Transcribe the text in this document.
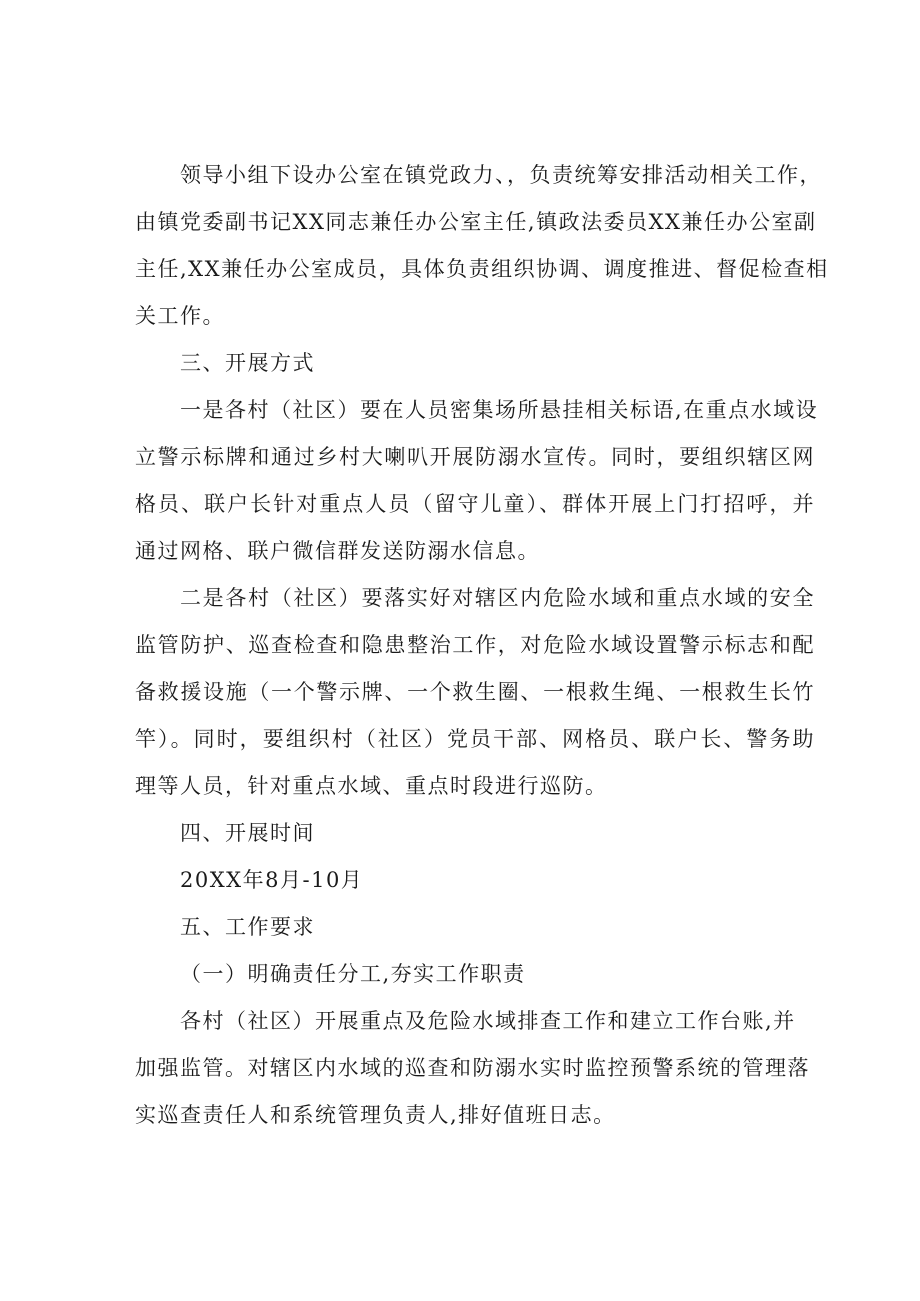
领导小组下设办公室在镇党政力、，负责统筹安排活动相关工作，
由镇党委副书记XX同志兼任办公室主任,镇政法委员XX兼任办公室副
主任,XX兼任办公室成员，具体负责组织协调、调度推进、督促检查相
关工作。
三、开展方式
一是各村（社区）要在人员密集场所悬挂相关标语,在重点水域设
立警示标牌和通过乡村大喇叭开展防溺水宣传。同时，要组织辖区网
格员、联户长针对重点人员（留守儿童）、群体开展上门打招呼，并
通过网格、联户微信群发送防溺水信息。
二是各村（社区）要落实好对辖区内危险水域和重点水域的安全
监管防护、巡查检查和隐患整治工作，对危险水域设置警示标志和配
备救援设施（一个警示牌、一个救生圈、一根救生绳、一根救生长竹
竿）。同时，要组织村（社区）党员干部、网格员、联户长、警务助
理等人员，针对重点水域、重点时段进行巡防。
四、开展时间
20XX年8月-10月
五、工作要求
（一）明确责任分工,夯实工作职责
各村（社区）开展重点及危险水域排查工作和建立工作台账,并
加强监管。对辖区内水域的巡查和防溺水实时监控预警系统的管理落
实巡查责任人和系统管理负责人,排好值班日志。
